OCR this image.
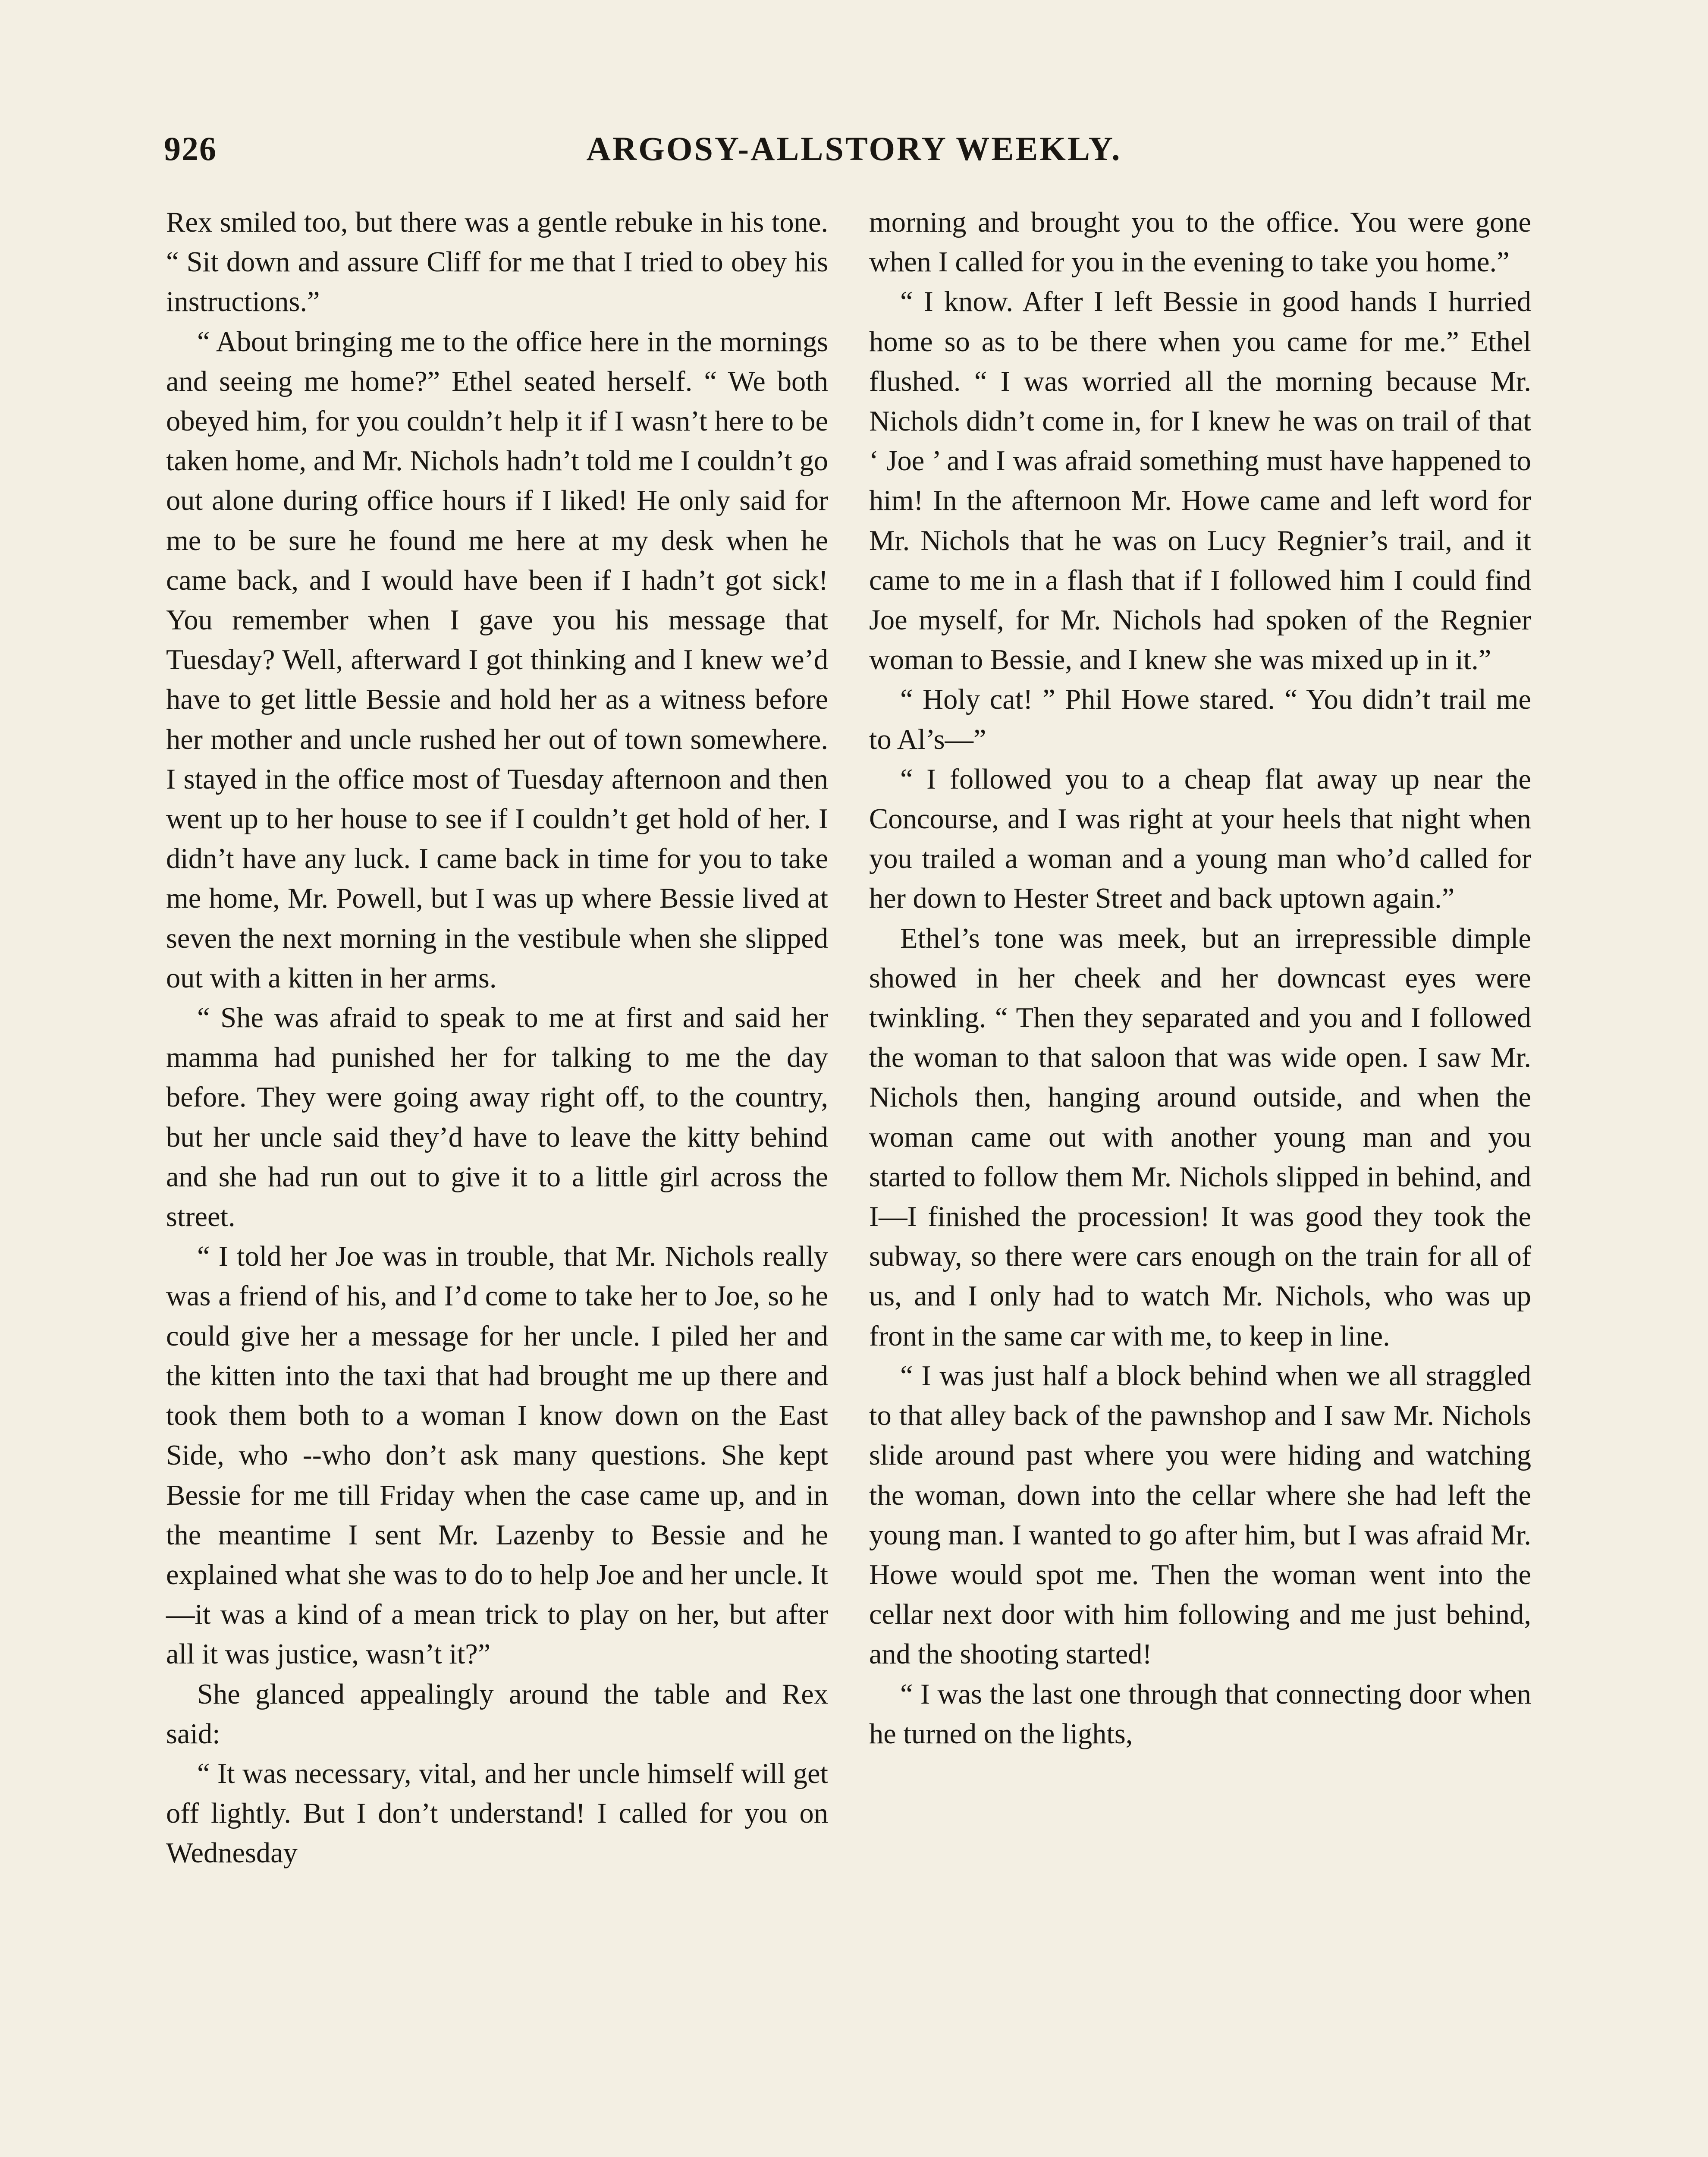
926	ARGOSY-ALLSTORY WEEKLY.

Rex smiled too, but there was a gentle rebuke in his tone. “ Sit down and assure Cliff for me that I tried to obey his instructions.”

“ About bringing me to the office here in the mornings and seeing me home?” Ethel seated herself. “ We both obeyed him, for you couldn’t help it if I wasn’t here to be taken home, and Mr. Nichols hadn’t told me I couldn’t go out alone during office hours if I liked! He only said for me to be sure he found me here at my desk when he came back, and I would have been if I hadn’t got sick! You remember when I gave you his message that Tuesday? Well, afterward I got thinking and I knew we’d have to get little Bessie and hold her as a witness before her mother and uncle rushed her out of town somewhere. I stayed in the office most of Tuesday afternoon and then went up to her house to see if I couldn’t get hold of her. I didn’t have any luck. I came back in time for you to take me home, Mr. Powell, but I was up where Bessie lived at seven the next morning in the vestibule when she slipped out with a kitten in her arms.

“ She was afraid to speak to me at first and said her mamma had punished her for talking to me the day before. They were going away right off, to the country, but her uncle said they’d have to leave the kitty behind and she had run out to give it to a little girl across the street.

“ I told her Joe was in trouble, that Mr. Nichols really was a friend of his, and I’d come to take her to Joe, so he could give her a message for her uncle. I piled her and the kitten into the taxi that had brought me up there and took them both to a woman I know down on the East Side, who --who don’t ask many questions. She kept Bessie for me till Friday when the case came up, and in the meantime I sent Mr. Lazenby to Bessie and he explained what she was to do to help Joe and her uncle. It—it was a kind of a mean trick to play on her, but after all it was justice, wasn’t it?”

She glanced appealingly around the table and Rex said:

“ It was necessary, vital, and her uncle himself will get off lightly. But I don’t understand! I called for you on Wednesday

morning and brought you to the office. You were gone when I called for you in the evening to take you home.”

“ I know. After I left Bessie in good hands I hurried home so as to be there when you came for me.” Ethel flushed. “ I was worried all the morning because Mr. Nichols didn’t come in, for I knew he was on trail of that ‘ Joe ’ and I was afraid something must have happened to him! In the afternoon Mr. Howe came and left word for Mr. Nichols that he was on Lucy Regnier’s trail, and it came to me in a flash that if I followed him I could find Joe myself, for Mr. Nichols had spoken of the Regnier woman to Bessie, and I knew she was mixed up in it.”

“ Holy cat! ” Phil Howe stared. “ You didn’t trail me to Al’s—”

“ I followed you to a cheap flat away up near the Concourse, and I was right at your heels that night when you trailed a woman and a young man who’d called for her down to Hester Street and back uptown again.”

Ethel’s tone was meek, but an irrepressible dimple showed in her cheek and her downcast eyes were twinkling. “ Then they separated and you and I followed the woman to that saloon that was wide open. I saw Mr. Nichols then, hanging around outside, and when the woman came out with another young man and you started to follow them Mr. Nichols slipped in behind, and I—I finished the procession! It was good they took the subway, so there were cars enough on the train for all of us, and I only had to watch Mr. Nichols, who was up front in the same car with me, to keep in line.

“ I was just half a block behind when we all straggled to that alley back of the pawnshop and I saw Mr. Nichols slide around past where you were hiding and watching the woman, down into the cellar where she had left the young man. I wanted to go after him, but I was afraid Mr. Howe would spot me. Then the woman went into the cellar next door with him following and me just behind, and the shooting started!

“ I was the last one through that connecting door when he turned on the lights,
